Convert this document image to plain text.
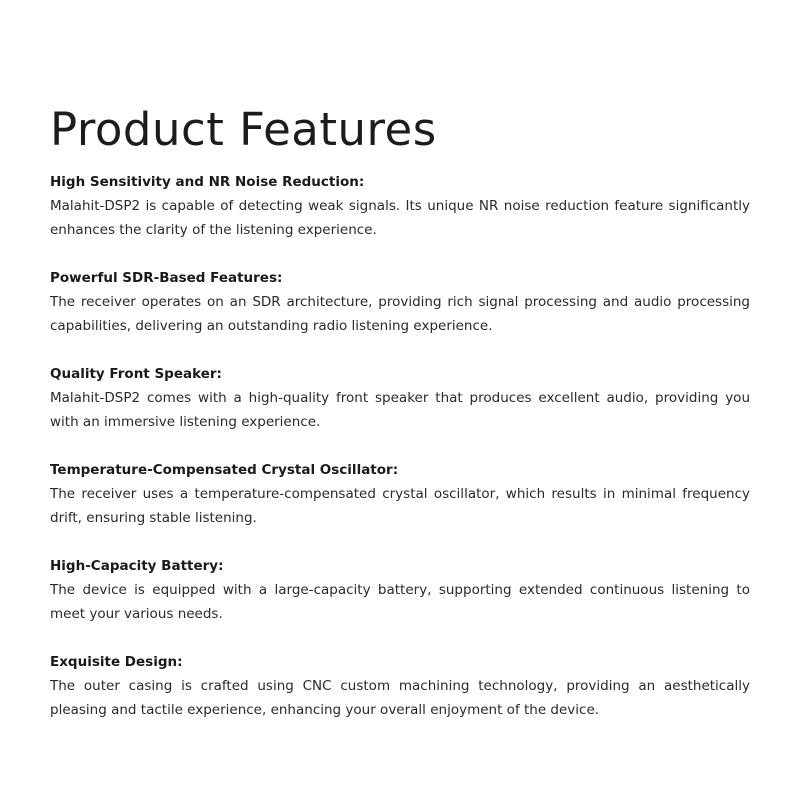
Product Features
High Sensitivity and NR Noise Reduction:
Malahit-DSP2 is capable of detecting weak signals. Its unique NR noise reduction feature significantly enhances the clarity of the listening experience.
Powerful SDR-Based Features:
The receiver operates on an SDR architecture, providing rich signal processing and audio processing capabilities, delivering an outstanding radio listening experience.
Quality Front Speaker:
Malahit-DSP2 comes with a high-quality front speaker that produces excellent audio, providing you with an immersive listening experience.
Temperature-Compensated Crystal Oscillator:
The receiver uses a temperature-compensated crystal oscillator, which results in minimal frequency drift, ensuring stable listening.
High-Capacity Battery:
The device is equipped with a large-capacity battery, supporting extended continuous listening to meet your various needs.
Exquisite Design:
The outer casing is crafted using CNC custom machining technology, providing an aesthetically pleasing and tactile experience, enhancing your overall enjoyment of the device.
